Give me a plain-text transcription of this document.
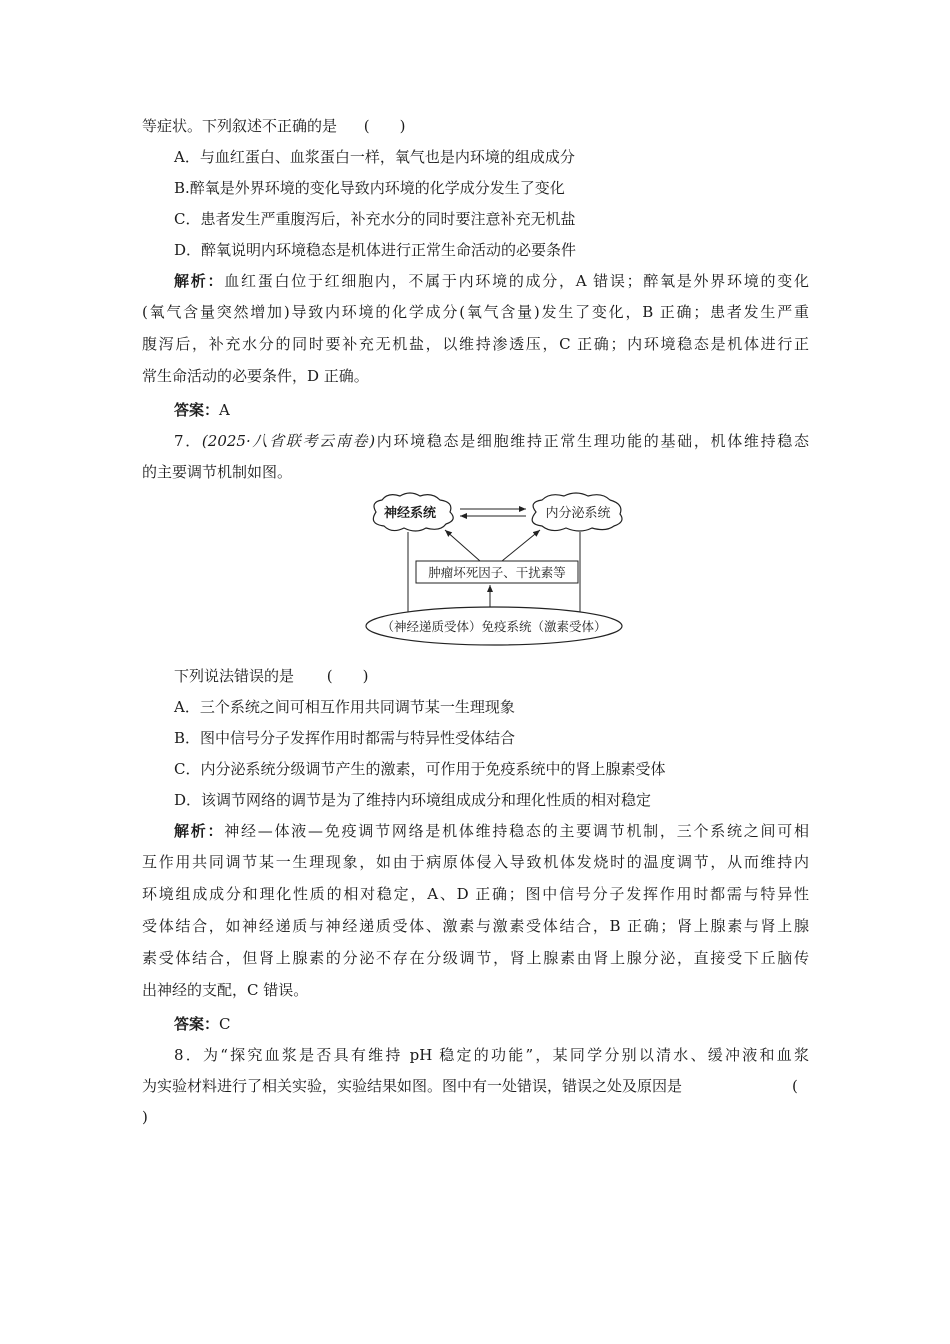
等症状。下列叙述不正确的是 (　　)
A．与血红蛋白、血浆蛋白一样，氧气也是内环境的组成成分
B.醉氧是外界环境的变化导致内环境的化学成分发生了变化
C．患者发生严重腹泻后，补充水分的同时要注意补充无机盐
D．醉氧说明内环境稳态是机体进行正常生命活动的必要条件
解析：血红蛋白位于红细胞内，不属于内环境的成分，A 错误；醉氧是外界环境的变化
(氧气含量突然增加)导致内环境的化学成分(氧气含量)发生了变化，B 正确；患者发生严重
腹泻后，补充水分的同时要补充无机盐，以维持渗透压，C 正确；内环境稳态是机体进行正
常生命活动的必要条件，D 正确。
答案：A
7．(2025·八省联考云南卷)内环境稳态是细胞维持正常生理功能的基础，机体维持稳态
的主要调节机制如图。
神经系统	内分泌系统
肿瘤坏死因子、干扰素等
（神经递质受体）免疫系统（激素受体）
下列说法错误的是 (　　)
A．三个系统之间可相互作用共同调节某一生理现象
B．图中信号分子发挥作用时都需与特异性受体结合
C．内分泌系统分级调节产生的激素，可作用于免疫系统中的肾上腺素受体
D．该调节网络的调节是为了维持内环境组成成分和理化性质的相对稳定
解析：神经—体液—免疫调节网络是机体维持稳态的主要调节机制，三个系统之间可相
互作用共同调节某一生理现象，如由于病原体侵入导致机体发烧时的温度调节，从而维持内
环境组成成分和理化性质的相对稳定，A、D 正确；图中信号分子发挥作用时都需与特异性
受体结合，如神经递质与神经递质受体、激素与激素受体结合，B 正确；肾上腺素与肾上腺
素受体结合，但肾上腺素的分泌不存在分级调节，肾上腺素由肾上腺分泌，直接受下丘脑传
出神经的支配，C 错误。
答案：C
8．为“探究血浆是否具有维持 pH 稳定的功能”，某同学分别以清水、缓冲液和血浆
为实验材料进行了相关实验，实验结果如图。图中有一处错误，错误之处及原因是	(
)
